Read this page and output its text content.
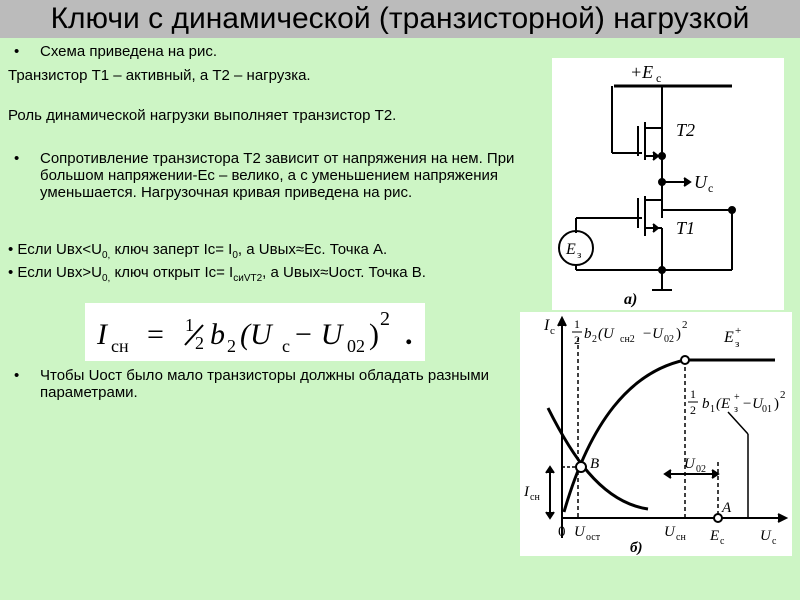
Ключи с динамической (транзисторной) нагрузкой
• Схема приведена на рис.
Транзистор Т1 – активный, а Т2 – нагрузка.
Роль динамической нагрузки выполняет транзистор Т2.
• Сопротивление транзистора Т2 зависит от напряжения на нем. При большом напряжении-Ес – велико, а с уменьшением напряжения уменьшается. Нагрузочная кривая приведена на рис.
• Если $Uвх<U_{0,}$ ключ заперт $Iс= I_0$, а Uвых≈Ес. Точка А.
• Если $Uвх>U_{0,}$ ключ открыт $Iс= I_{сиVT2}$, а Uвых≈Uост. Точка В.
I сн = 1
2 b 2 (U с − U 02 ) 2 .
• Чтобы Uост было мало транзисторы должны обладать разными параметрами.
+E c
T2
U c
T1
E з
а)
I c 1
2 b 2 (U сн2 −U 02 )
2
E +
з
1
2 b 1 (E +
з −U 01 )
2
B
A
U 02
I сн
0 U ост	U сн E c U c
б)
